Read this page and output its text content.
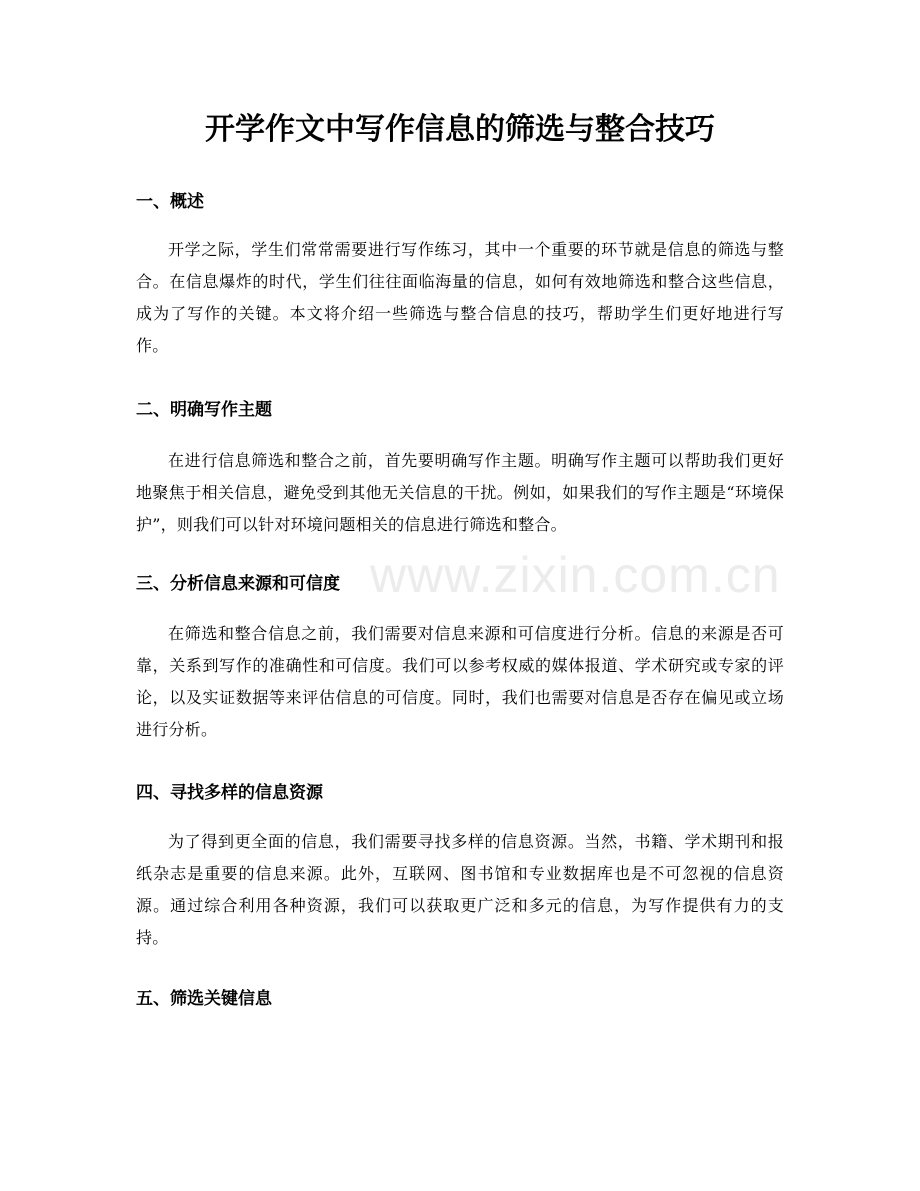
www.zixin.com.cn
开学作文中写作信息的筛选与整合技巧
一、概述

开学之际，学生们常常需要进行写作练习，其中一个重要的环节就是信息的筛选与整合。在信息爆炸的时代，学生们往往面临海量的信息，如何有效地筛选和整合这些信息，成为了写作的关键。本文将介绍一些筛选与整合信息的技巧，帮助学生们更好地进行写作。

二、明确写作主题

在进行信息筛选和整合之前，首先要明确写作主题。明确写作主题可以帮助我们更好地聚焦于相关信息，避免受到其他无关信息的干扰。例如，如果我们的写作主题是“环境保护”，则我们可以针对环境问题相关的信息进行筛选和整合。

三、分析信息来源和可信度

在筛选和整合信息之前，我们需要对信息来源和可信度进行分析。信息的来源是否可靠，关系到写作的准确性和可信度。我们可以参考权威的媒体报道、学术研究或专家的评论，以及实证数据等来评估信息的可信度。同时，我们也需要对信息是否存在偏见或立场进行分析。

四、寻找多样的信息资源

为了得到更全面的信息，我们需要寻找多样的信息资源。当然，书籍、学术期刊和报纸杂志是重要的信息来源。此外，互联网、图书馆和专业数据库也是不可忽视的信息资源。通过综合利用各种资源，我们可以获取更广泛和多元的信息，为写作提供有力的支持。

五、筛选关键信息
